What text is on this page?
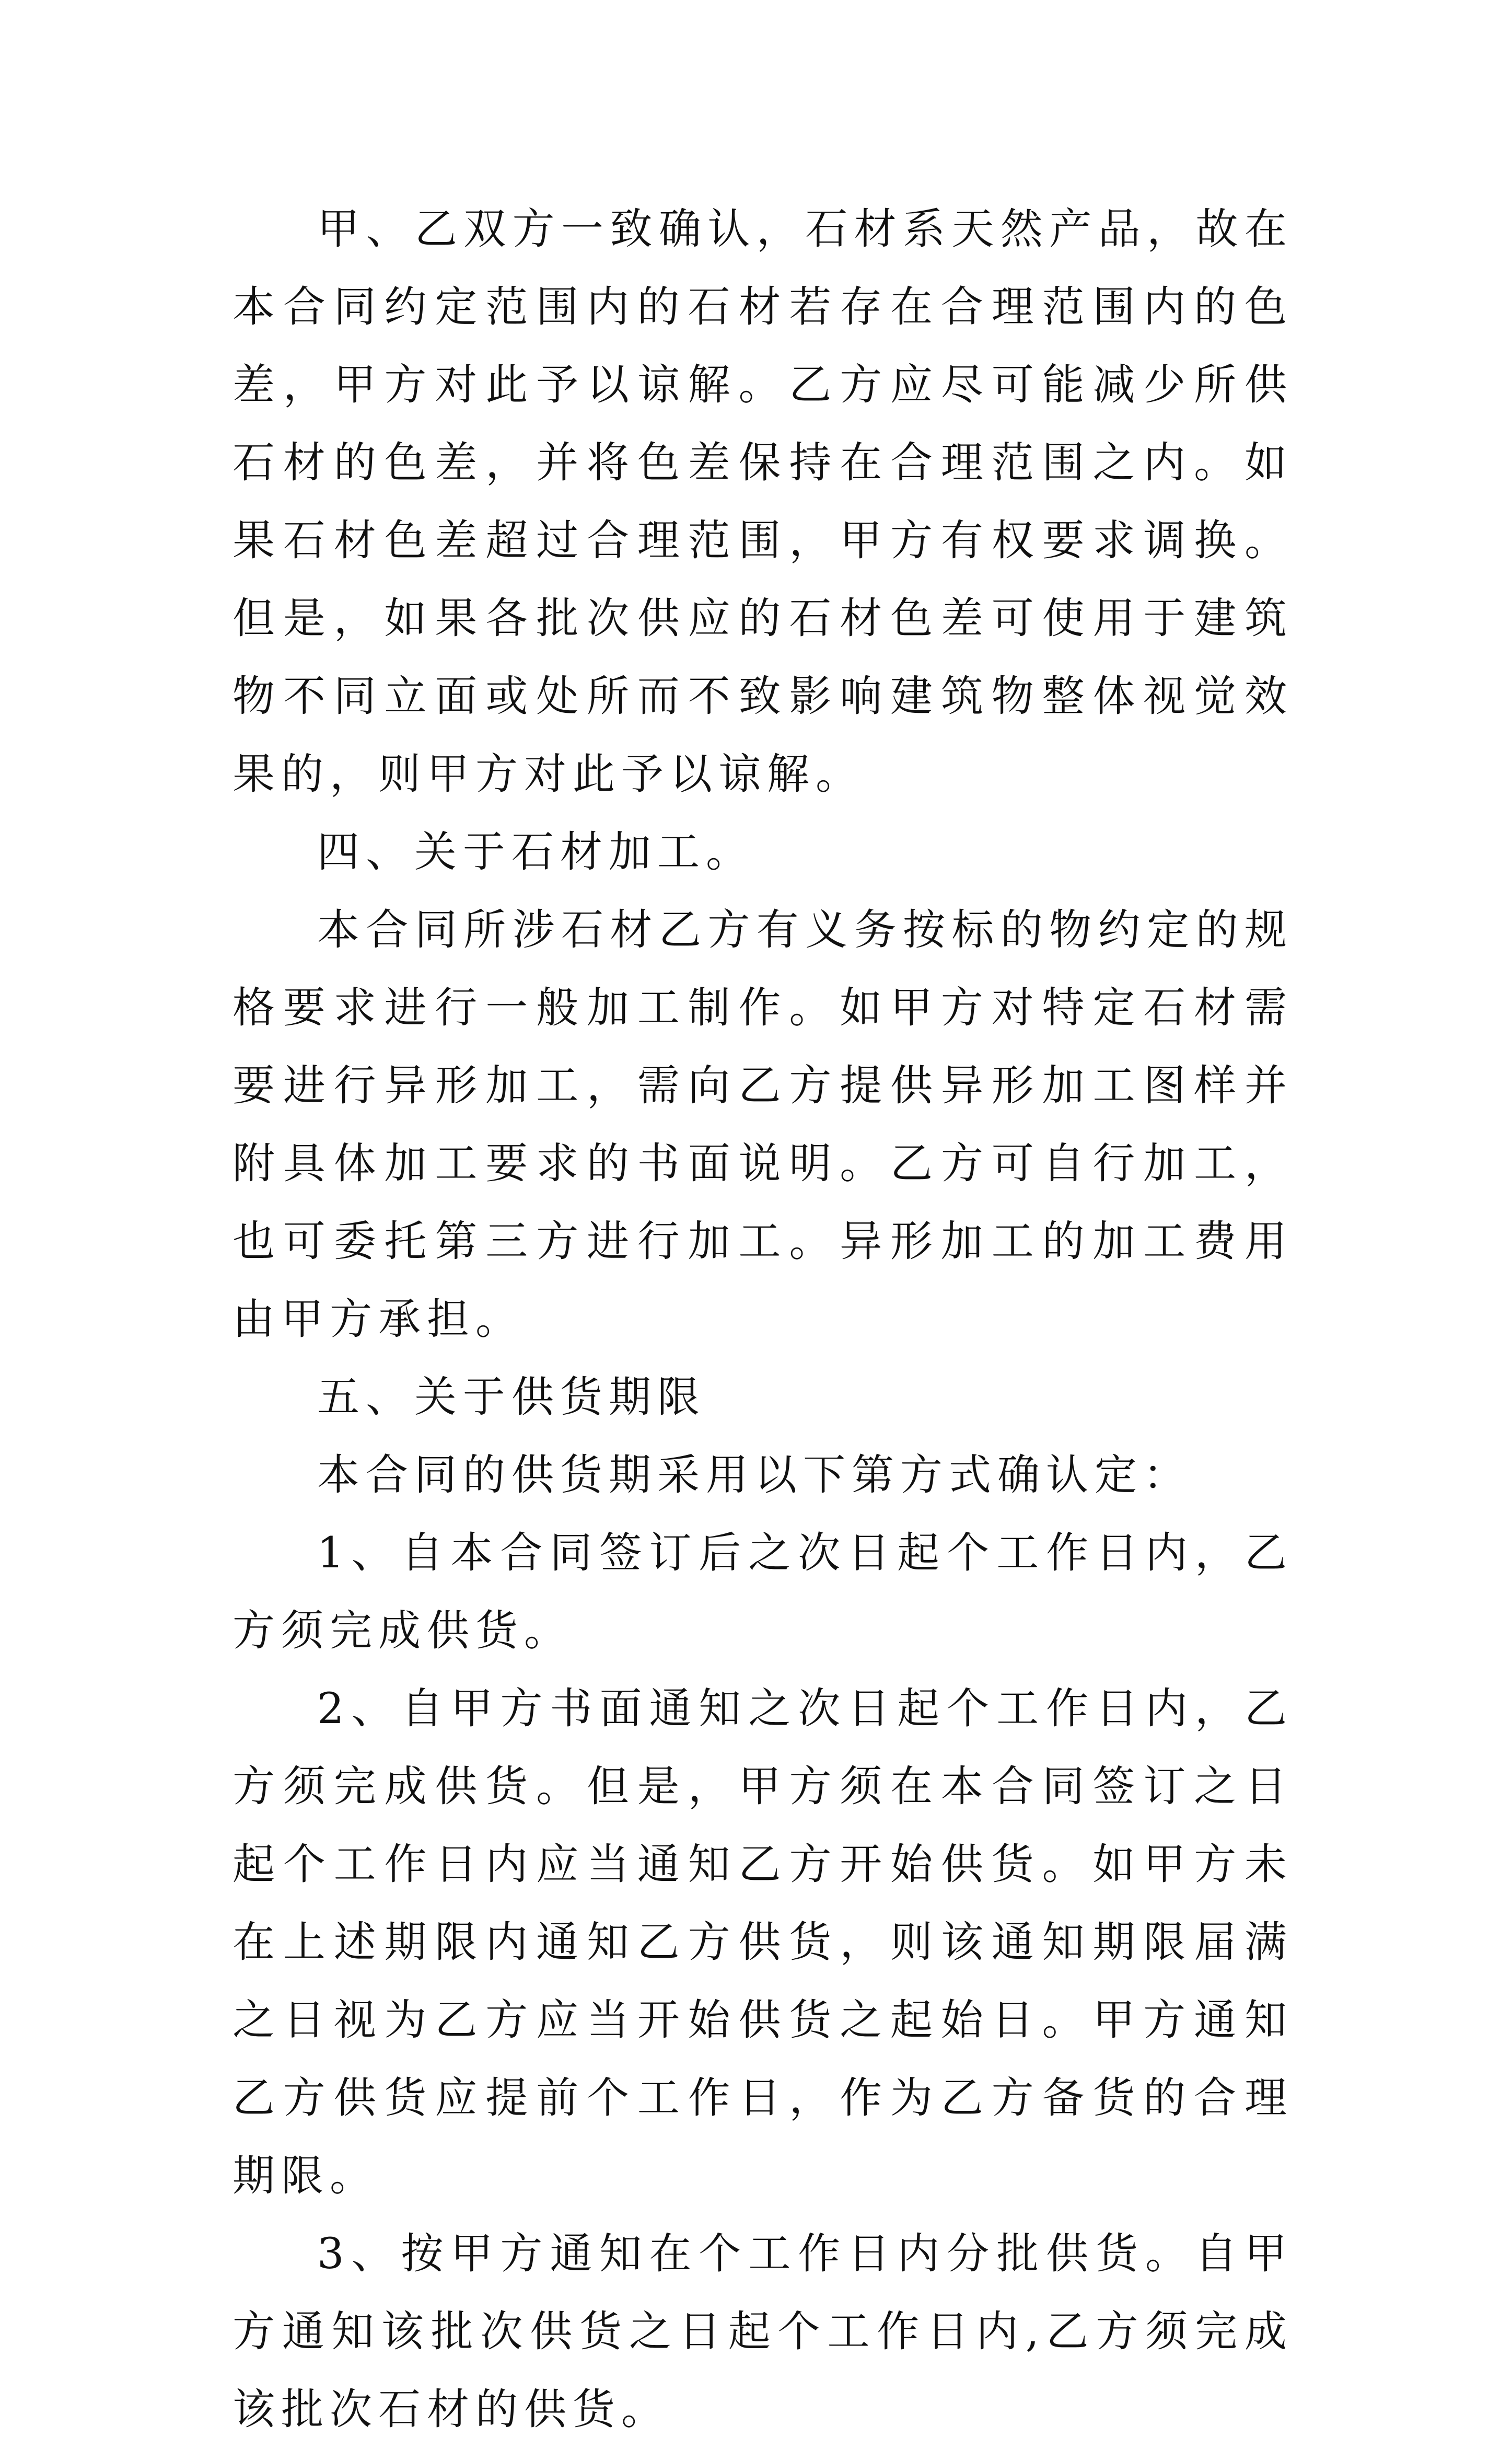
甲、乙双方一致确认，石材系天然产品，故在本合同约定范围内的石材若存在合理范围内的色差，甲方对此予以谅解。乙方应尽可能减少所供石材的色差，并将色差保持在合理范围之内。如果石材色差超过合理范围，甲方有权要求调换。但是，如果各批次供应的石材色差可使用于建筑物不同立面或处所而不致影响建筑物整体视觉效果的，则甲方对此予以谅解。

四、关于石材加工。

本合同所涉石材乙方有义务按标的物约定的规格要求进行一般加工制作。如甲方对特定石材需要进行异形加工，需向乙方提供异形加工图样并附具体加工要求的书面说明。乙方可自行加工，也可委托第三方进行加工。异形加工的加工费用由甲方承担。

五、关于供货期限

本合同的供货期采用以下第方式确认定：

1、自本合同签订后之次日起个工作日内，乙方须完成供货。

2、自甲方书面通知之次日起个工作日内，乙方须完成供货。但是，甲方须在本合同签订之日起个工作日内应当通知乙方开始供货。如甲方未在上述期限内通知乙方供货，则该通知期限届满之日视为乙方应当开始供货之起始日。甲方通知乙方供货应提前个工作日，作为乙方备货的合理期限。

3、按甲方通知在个工作日内分批供货。自甲方通知该批次供货之日起个工作日内,乙方须完成该批次石材的供货。
